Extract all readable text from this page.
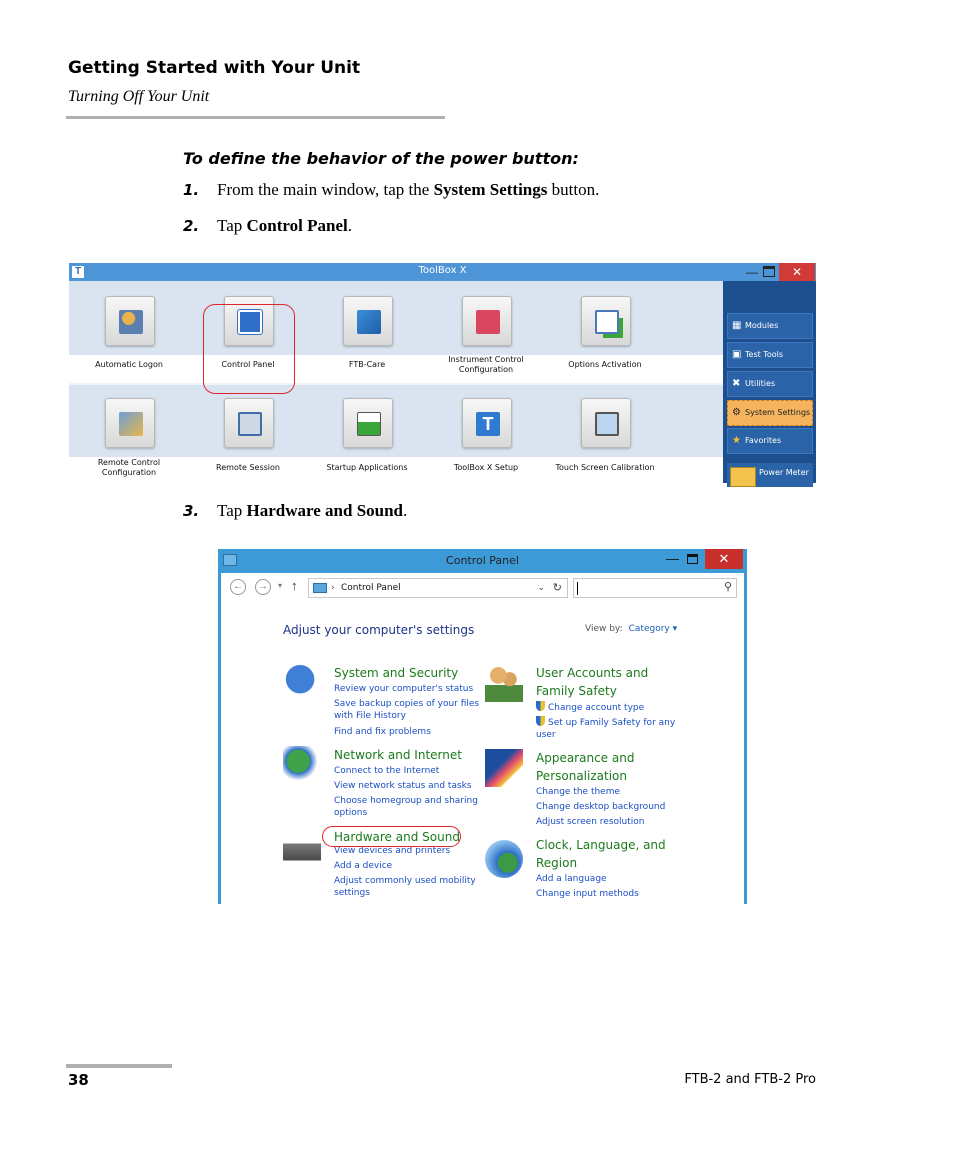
Getting Started with Your Unit
Turning Off Your Unit
To define the behavior of the power button:
1. From the main window, tap the System Settings button.
2. Tap Control Panel.
T	ToolBox X	—	✕
Automatic Logon	Control Panel	FTB-Care
Instrument Control Configuration
Options Activation
Remote Control Configuration
Remote Session	Startup Applications
T
ToolBox X Setup	Touch Screen Calibration
▦ Modules
▣ Test Tools
✖ Utilities
⚙ System Settings
★ Favorites
Power Meter -
3. Tap Hardware and Sound.
Control Panel	—	✕
←	→	▾ ↑	› Control Panel	⌄ ↻	⚲
Adjust your computer's settings	View by: Category ▾
System and Security
Review your computer's status
Save backup copies of your files with File History
Find and fix problems
Network and Internet
Connect to the Internet
View network status and tasks
Choose homegroup and sharing options
Hardware and Sound
View devices and printers
Add a device
Adjust commonly used mobility settings
User Accounts and Family Safety
Change account type
Set up Family Safety for any user
Appearance and Personalization
Change the theme
Change desktop background
Adjust screen resolution
Clock, Language, and Region
Add a language
Change input methods
38	FTB-2 and FTB-2 Pro
